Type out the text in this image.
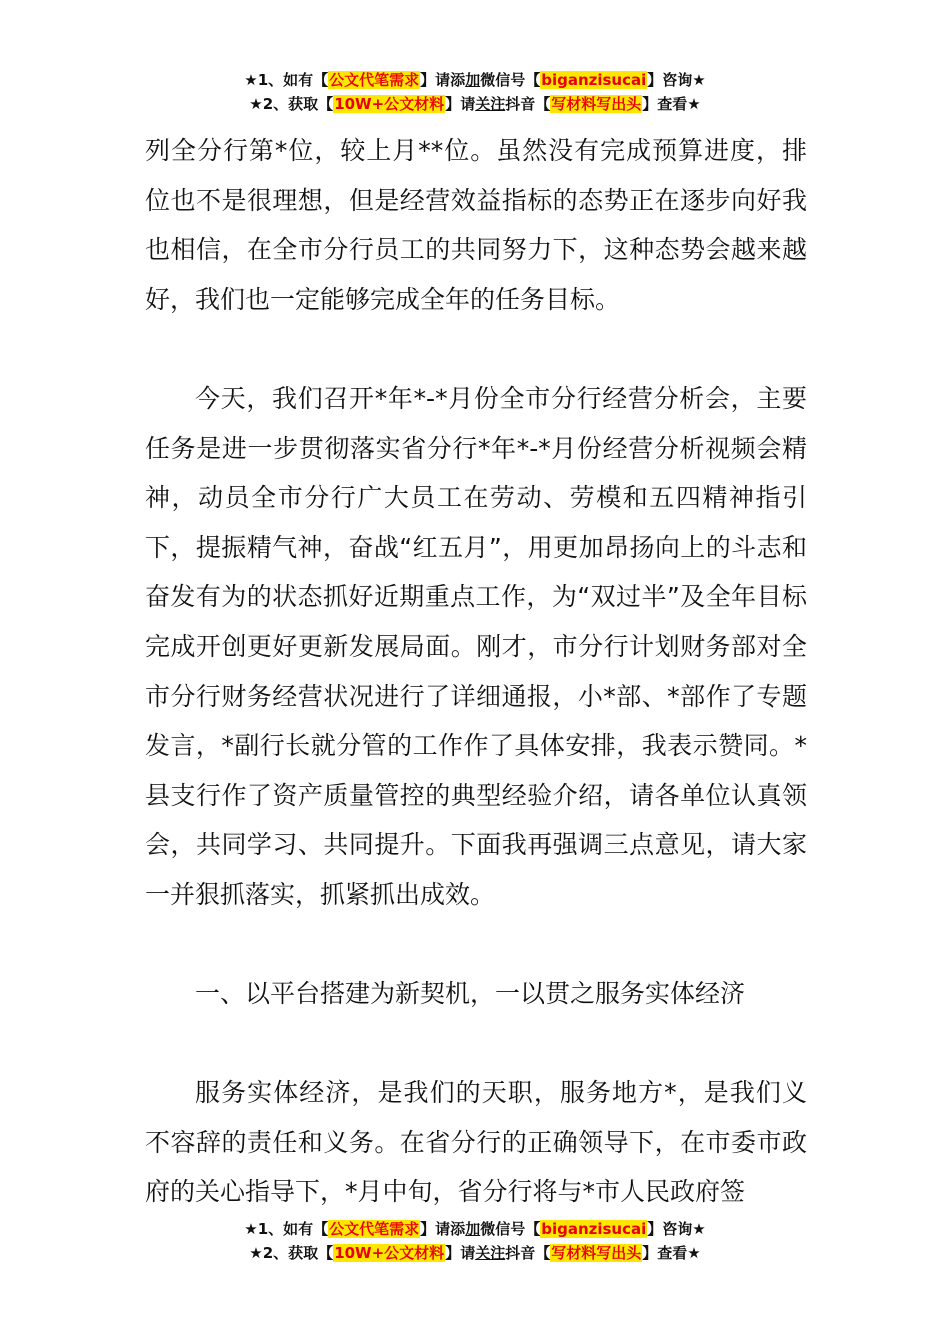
★1、如有【公文代笔需求】请添加微信号【biganzisucai】咨询★
★2、获取【10W+公文材料】请关注抖音【写材料写出头】查看★

列全分行第*位，较上月**位。虽然没有完成预算进度，排位也不是很理想，但是经营效益指标的态势正在逐步向好我也相信，在全市分行员工的共同努力下，这种态势会越来越好，我们也一定能够完成全年的任务目标。

今天，我们召开*年*-*月份全市分行经营分析会，主要任务是进一步贯彻落实省分行*年*-*月份经营分析视频会精神，动员全市分行广大员工在劳动、劳模和五四精神指引下，提振精气神，奋战“红五月”，用更加昂扬向上的斗志和奋发有为的状态抓好近期重点工作，为“双过半”及全年目标完成开创更好更新发展局面。刚才，市分行计划财务部对全市分行财务经营状况进行了详细通报，小*部、*部作了专题发言，*副行长就分管的工作作了具体安排，我表示赞同。*县支行作了资产质量管控的典型经验介绍，请各单位认真领会，共同学习、共同提升。下面我再强调三点意见，请大家一并狠抓落实，抓紧抓出成效。

一、以平台搭建为新契机，一以贯之服务实体经济

服务实体经济，是我们的天职，服务地方*，是我们义不容辞的责任和义务。在省分行的正确领导下，在市委市政府的关心指导下，*月中旬，省分行将与*市人民政府签

★1、如有【公文代笔需求】请添加微信号【biganzisucai】咨询★
★2、获取【10W+公文材料】请关注抖音【写材料写出头】查看★
